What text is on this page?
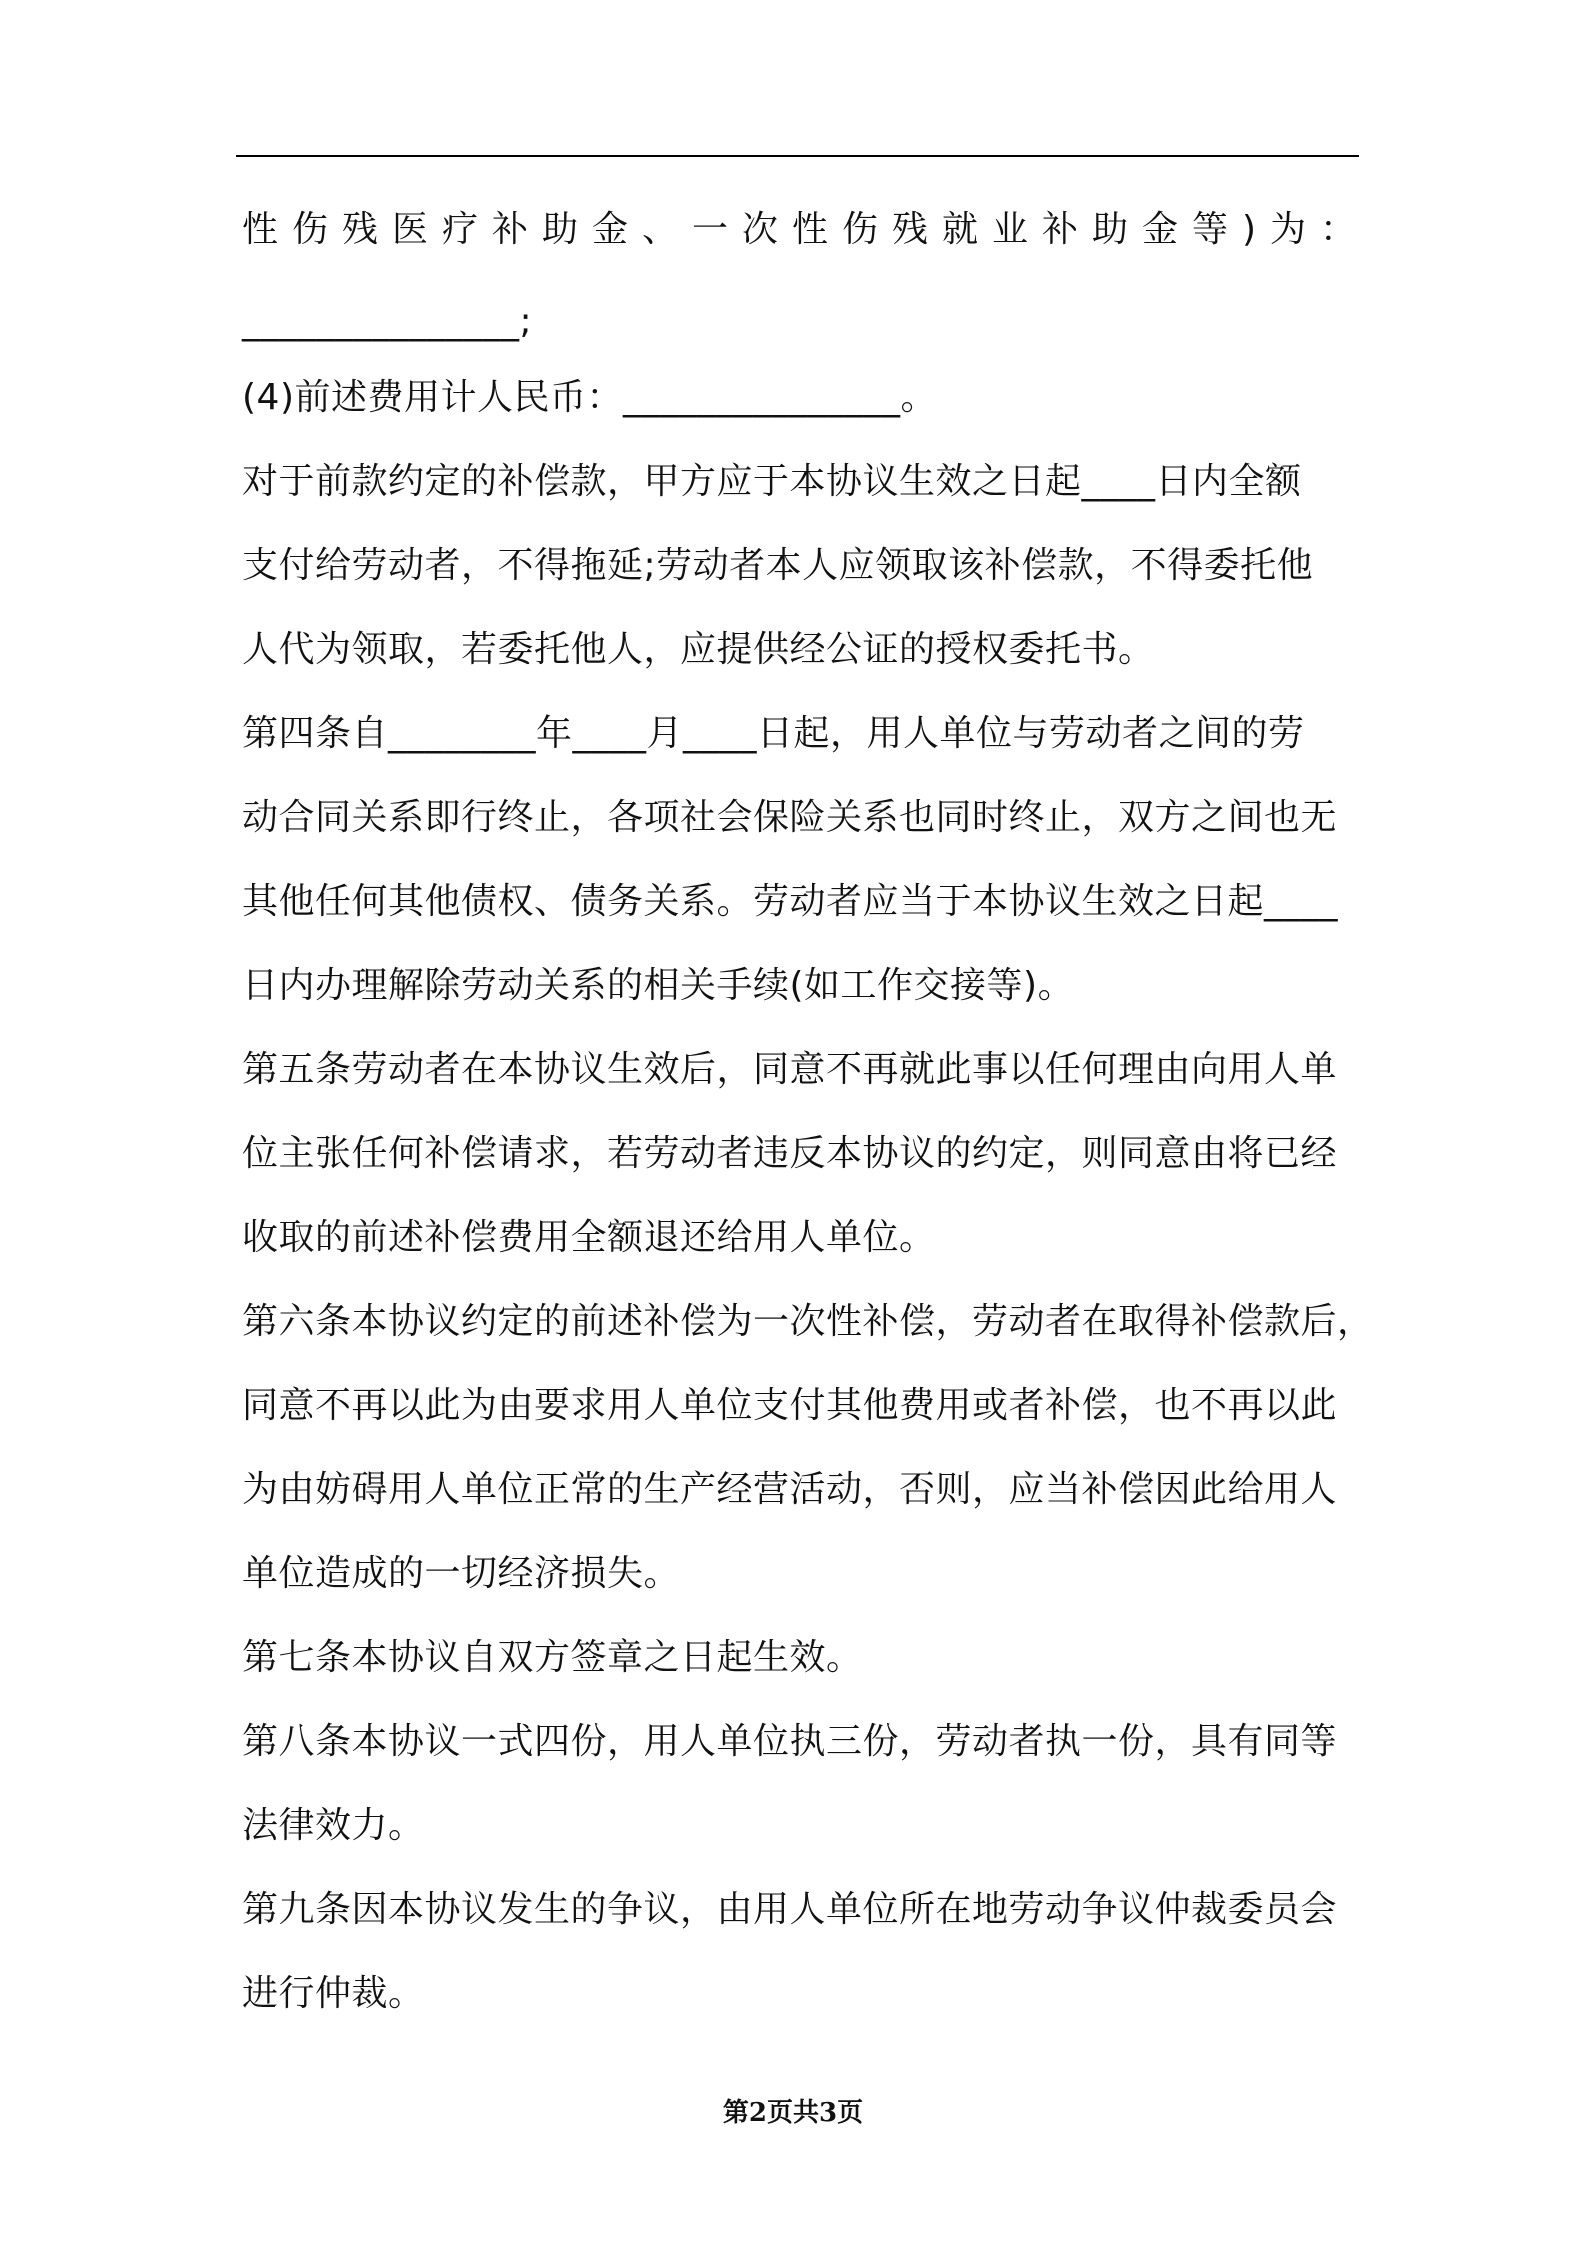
性伤残医疗补助金、一次性伤残就业补助金等)为：
_______________;
(4)前述费用计人民币：_______________。
对于前款约定的补偿款，甲方应于本协议生效之日起____日内全额
支付给劳动者，不得拖延;劳动者本人应领取该补偿款，不得委托他
人代为领取，若委托他人，应提供经公证的授权委托书。
第四条自________年____月____日起，用人单位与劳动者之间的劳
动合同关系即行终止，各项社会保险关系也同时终止，双方之间也无
其他任何其他债权、债务关系。劳动者应当于本协议生效之日起____
日内办理解除劳动关系的相关手续(如工作交接等)。
第五条劳动者在本协议生效后，同意不再就此事以任何理由向用人单
位主张任何补偿请求，若劳动者违反本协议的约定，则同意由将已经
收取的前述补偿费用全额退还给用人单位。
第六条本协议约定的前述补偿为一次性补偿，劳动者在取得补偿款后，
同意不再以此为由要求用人单位支付其他费用或者补偿，也不再以此
为由妨碍用人单位正常的生产经营活动，否则，应当补偿因此给用人
单位造成的一切经济损失。
第七条本协议自双方签章之日起生效。
第八条本协议一式四份，用人单位执三份，劳动者执一份，具有同等
法律效力。
第九条因本协议发生的争议，由用人单位所在地劳动争议仲裁委员会
进行仲裁。
第2页共3页
